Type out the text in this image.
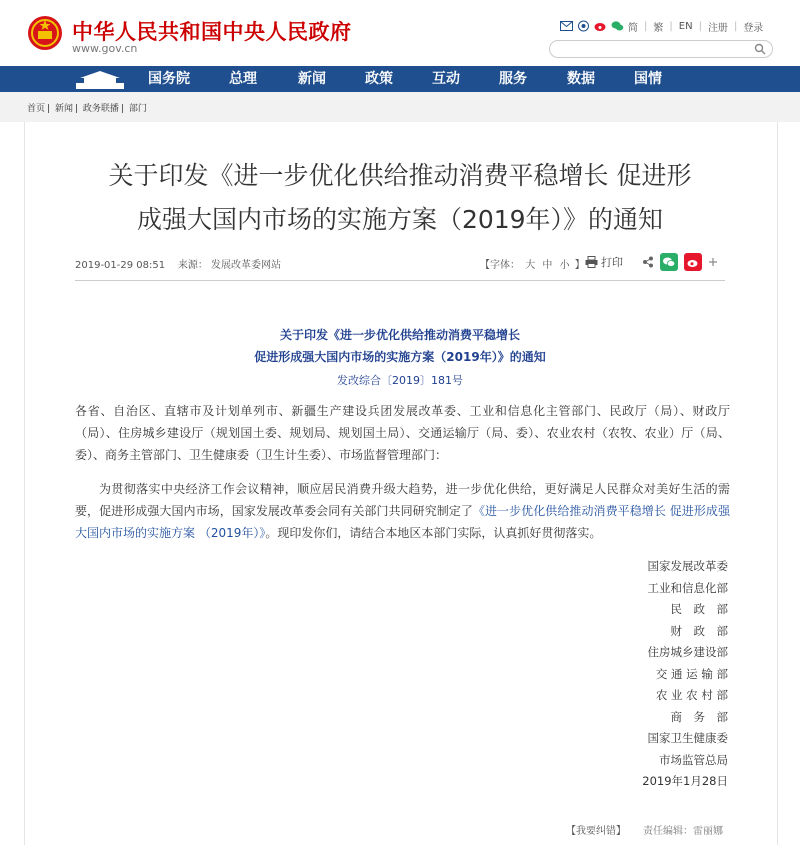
中华人民共和国中央人民政府
www.gov.cn
简 | 繁 | EN | 注册 | 登录
国务院	总理	新闻	政策	互动	服务	数据	国情
首页 | 新闻 | 政务联播 | 部门
关于印发《进一步优化供给推动消费平稳增长 促进形
成强大国内市场的实施方案（2019年）》的通知
2019-01-29 08:51 来源： 发展改革委网站	【字体： 大 中 小 】 打印
关于印发《进一步优化供给推动消费平稳增长
促进形成强大国内市场的实施方案（2019年）》的通知
发改综合〔2019〕181号
各省、自治区、直辖市及计划单列市、新疆生产建设兵团发展改革委、工业和信息化主管部门、民政厅（局）、财政厅（局）、住房城乡建设厅（规划国土委、规划局、规划国土局）、交通运输厅（局、委）、农业农村（农牧、农业）厅（局、委）、商务主管部门、卫生健康委（卫生计生委）、市场监督管理部门：
为贯彻落实中央经济工作会议精神，顺应居民消费升级大趋势，进一步优化供给，更好满足人民群众对美好生活的需要，促进形成强大国内市场，国家发展改革委会同有关部门共同研究制定了《进一步优化供给推动消费平稳增长 促进形成强大国内市场的实施方案 （2019年）》。现印发你们，请结合本地区本部门实际，认真抓好贯彻落实。
国家发展改革委
工业和信息化部
民　政　部
财　政　部
住房城乡建设部
交 通 运 输 部
农 业 农 村 部
商　务　部
国家卫生健康委
市场监管总局
2019年1月28日
【我要纠错】 责任编辑：雷丽娜
